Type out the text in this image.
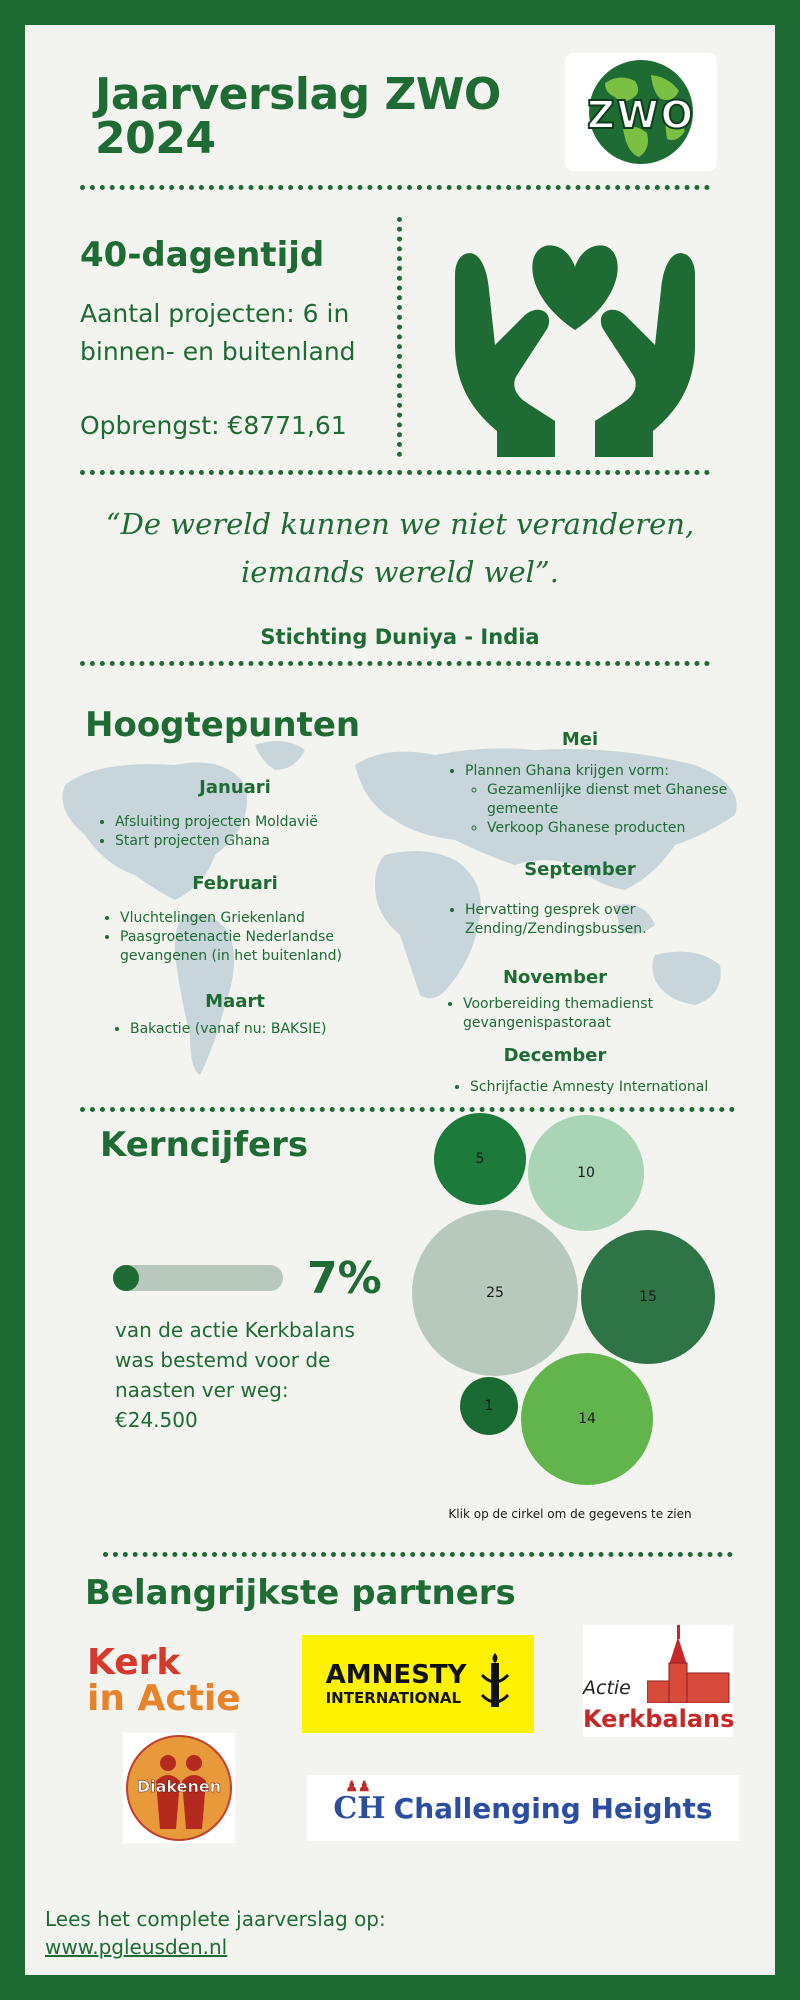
Jaarverslag ZWO
2024	ZWO
40-dagentijd
Aantal projecten: 6 in
binnen- en buitenland
Opbrengst: €8771,61
“De wereld kunnen we niet veranderen,
iemands wereld wel”.
Stichting Duniya - India
Hoogtepunten
Januari
• Afsluiting projecten Moldavië
• Start projecten Ghana
Februari
• Vluchtelingen Griekenland
• Paasgroetenactie Nederlandse gevangenen (in het buitenland)
Maart
• Bakactie (vanaf nu: BAKSIE)
Mei
• Plannen Ghana krijgen vorm:
◦ Gezamenlijke dienst met Ghanese gemeente
◦ Verkoop Ghanese producten
September
• Hervatting gesprek over Zending/Zendingsbussen.
November
• Voorbereiding themadienst gevangenispastoraat
December
• Schrijfactie Amnesty International
Kerncijfers
7%
van de actie Kerkbalans
was bestemd voor de
naasten ver weg:
€24.500
5
10
25	15
1
14
Klik op de cirkel om de gegevens te zien
Belangrijkste partners
Kerk
in Actie
AMNESTY
INTERNATIONAL	Actie
Kerkbalans
Diakenen
CH
♟♟
Challenging Heights
Lees het complete jaarverslag op:
www.pgleusden.nl
